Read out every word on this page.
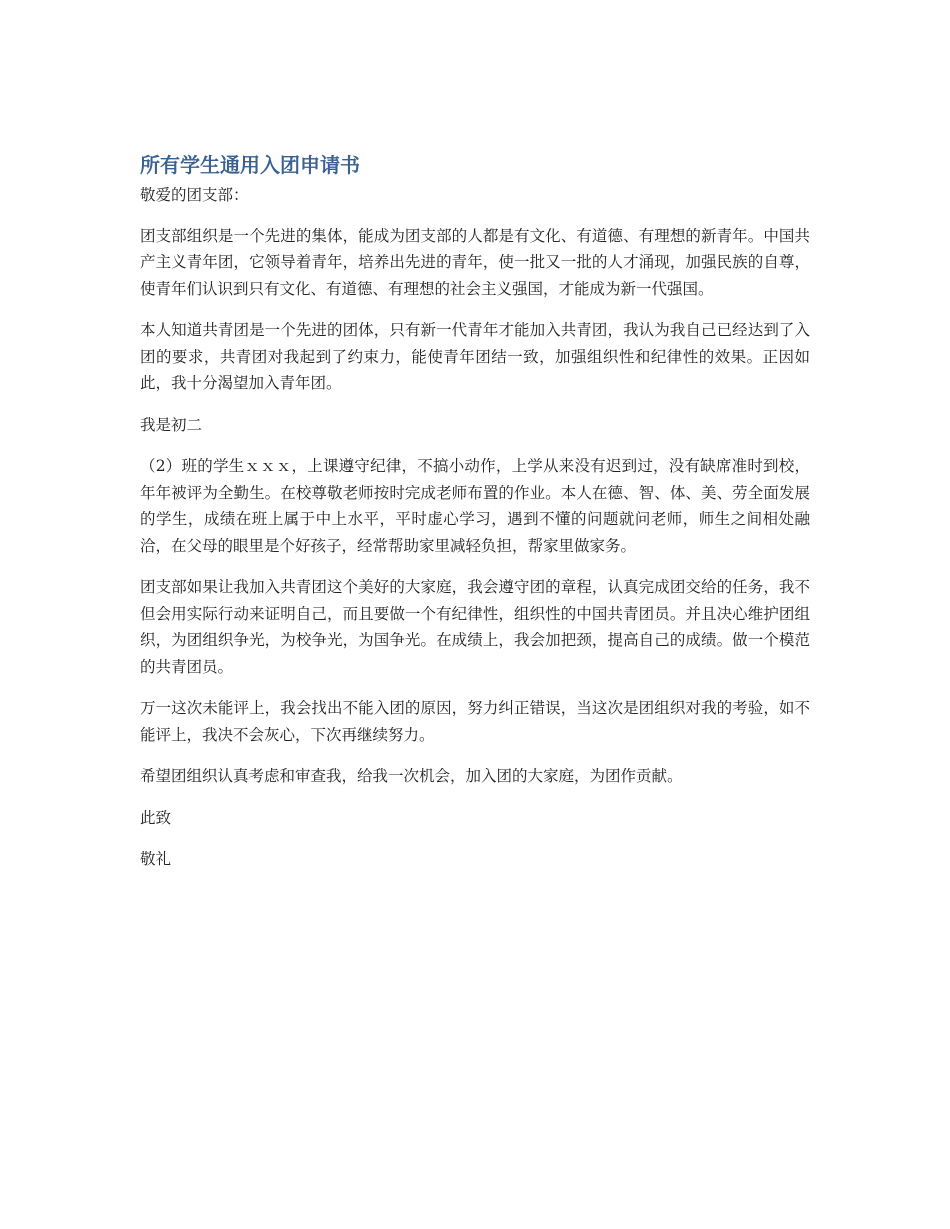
所有学生通用入团申请书

敬爱的团支部：

团支部组织是一个先进的集体，能成为团支部的人都是有文化、有道德、有理想的新青年。中国共产主义青年团，它领导着青年，培养出先进的青年，使一批又一批的人才涌现，加强民族的自尊，使青年们认识到只有文化、有道德、有理想的社会主义强国，才能成为新一代强国。

本人知道共青团是一个先进的团体，只有新一代青年才能加入共青团，我认为我自己已经达到了入团的要求，共青团对我起到了约束力，能使青年团结一致，加强组织性和纪律性的效果。正因如此，我十分渴望加入青年团。

我是初二

（2）班的学生ｘｘｘ，上课遵守纪律，不搞小动作，上学从来没有迟到过，没有缺席准时到校，年年被评为全勤生。在校尊敬老师按时完成老师布置的作业。本人在德、智、体、美、劳全面发展的学生，成绩在班上属于中上水平，平时虚心学习，遇到不懂的问题就问老师，师生之间相处融洽，在父母的眼里是个好孩子，经常帮助家里减轻负担，帮家里做家务。

团支部如果让我加入共青团这个美好的大家庭，我会遵守团的章程，认真完成团交给的任务，我不但会用实际行动来证明自己，而且要做一个有纪律性，组织性的中国共青团员。并且决心维护团组织，为团组织争光，为校争光，为国争光。在成绩上，我会加把颈，提高自己的成绩。做一个模范的共青团员。

万一这次未能评上，我会找出不能入团的原因，努力纠正错误，当这次是团组织对我的考验，如不能评上，我决不会灰心，下次再继续努力。

希望团组织认真考虑和审查我，给我一次机会，加入团的大家庭，为团作贡献。

此致

敬礼
